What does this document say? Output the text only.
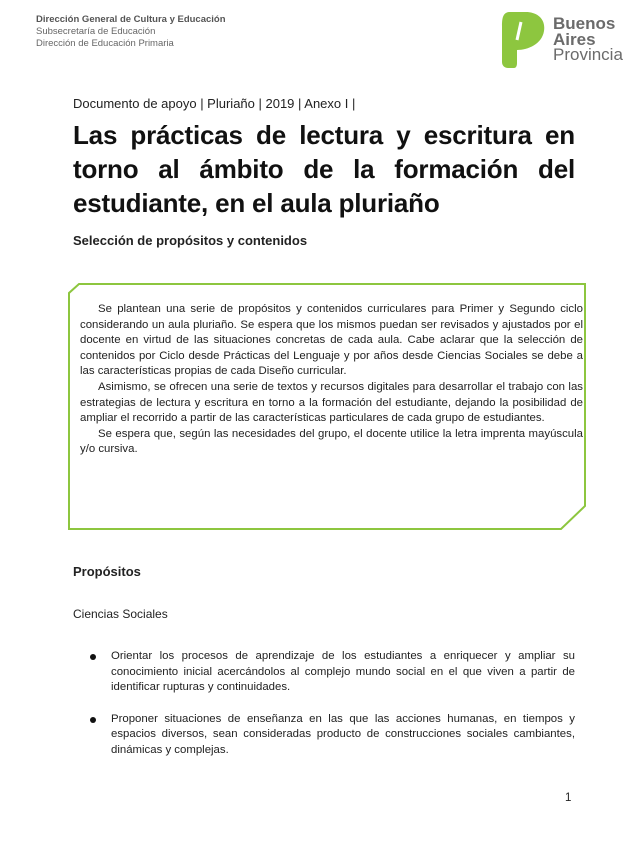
Dirección General de Cultura y Educación
Subsecretaría de Educación
Dirección de Educación Primaria
Buenos
Aires
Provincia
Documento de apoyo | Pluriaño | 2019 | Anexo I |
Las prácticas de lectura y escritura en torno al ámbito de la formación del estudiante, en el aula pluriaño
Selección de propósitos y contenidos

Se plantean una serie de propósitos y contenidos curriculares para Primer y Segundo ciclo considerando un aula pluriaño. Se espera que los mismos puedan ser revisados y ajustados por el docente en virtud de las situaciones concretas de cada aula. Cabe aclarar que la selección de contenidos por Ciclo desde Prácticas del Lenguaje y por años desde Ciencias Sociales se debe a las características propias de cada Diseño curricular.

Asimismo, se ofrecen una serie de textos y recursos digitales para desarrollar el trabajo con las estrategias de lectura y escritura en torno a la formación del estudiante, dejando la posibilidad de ampliar el recorrido a partir de las características particulares de cada grupo de estudiantes.

Se espera que, según las necesidades del grupo, el docente utilice la letra imprenta mayúscula y/o cursiva.

Propósitos
Ciencias Sociales
Orientar los procesos de aprendizaje de los estudiantes a enriquecer y ampliar su conocimiento inicial acercándolos al complejo mundo social en el que viven a partir de identificar rupturas y continuidades.
Proponer situaciones de enseñanza en las que las acciones humanas, en tiempos y espacios diversos, sean consideradas producto de construcciones sociales cambiantes, dinámicas y complejas.
1
